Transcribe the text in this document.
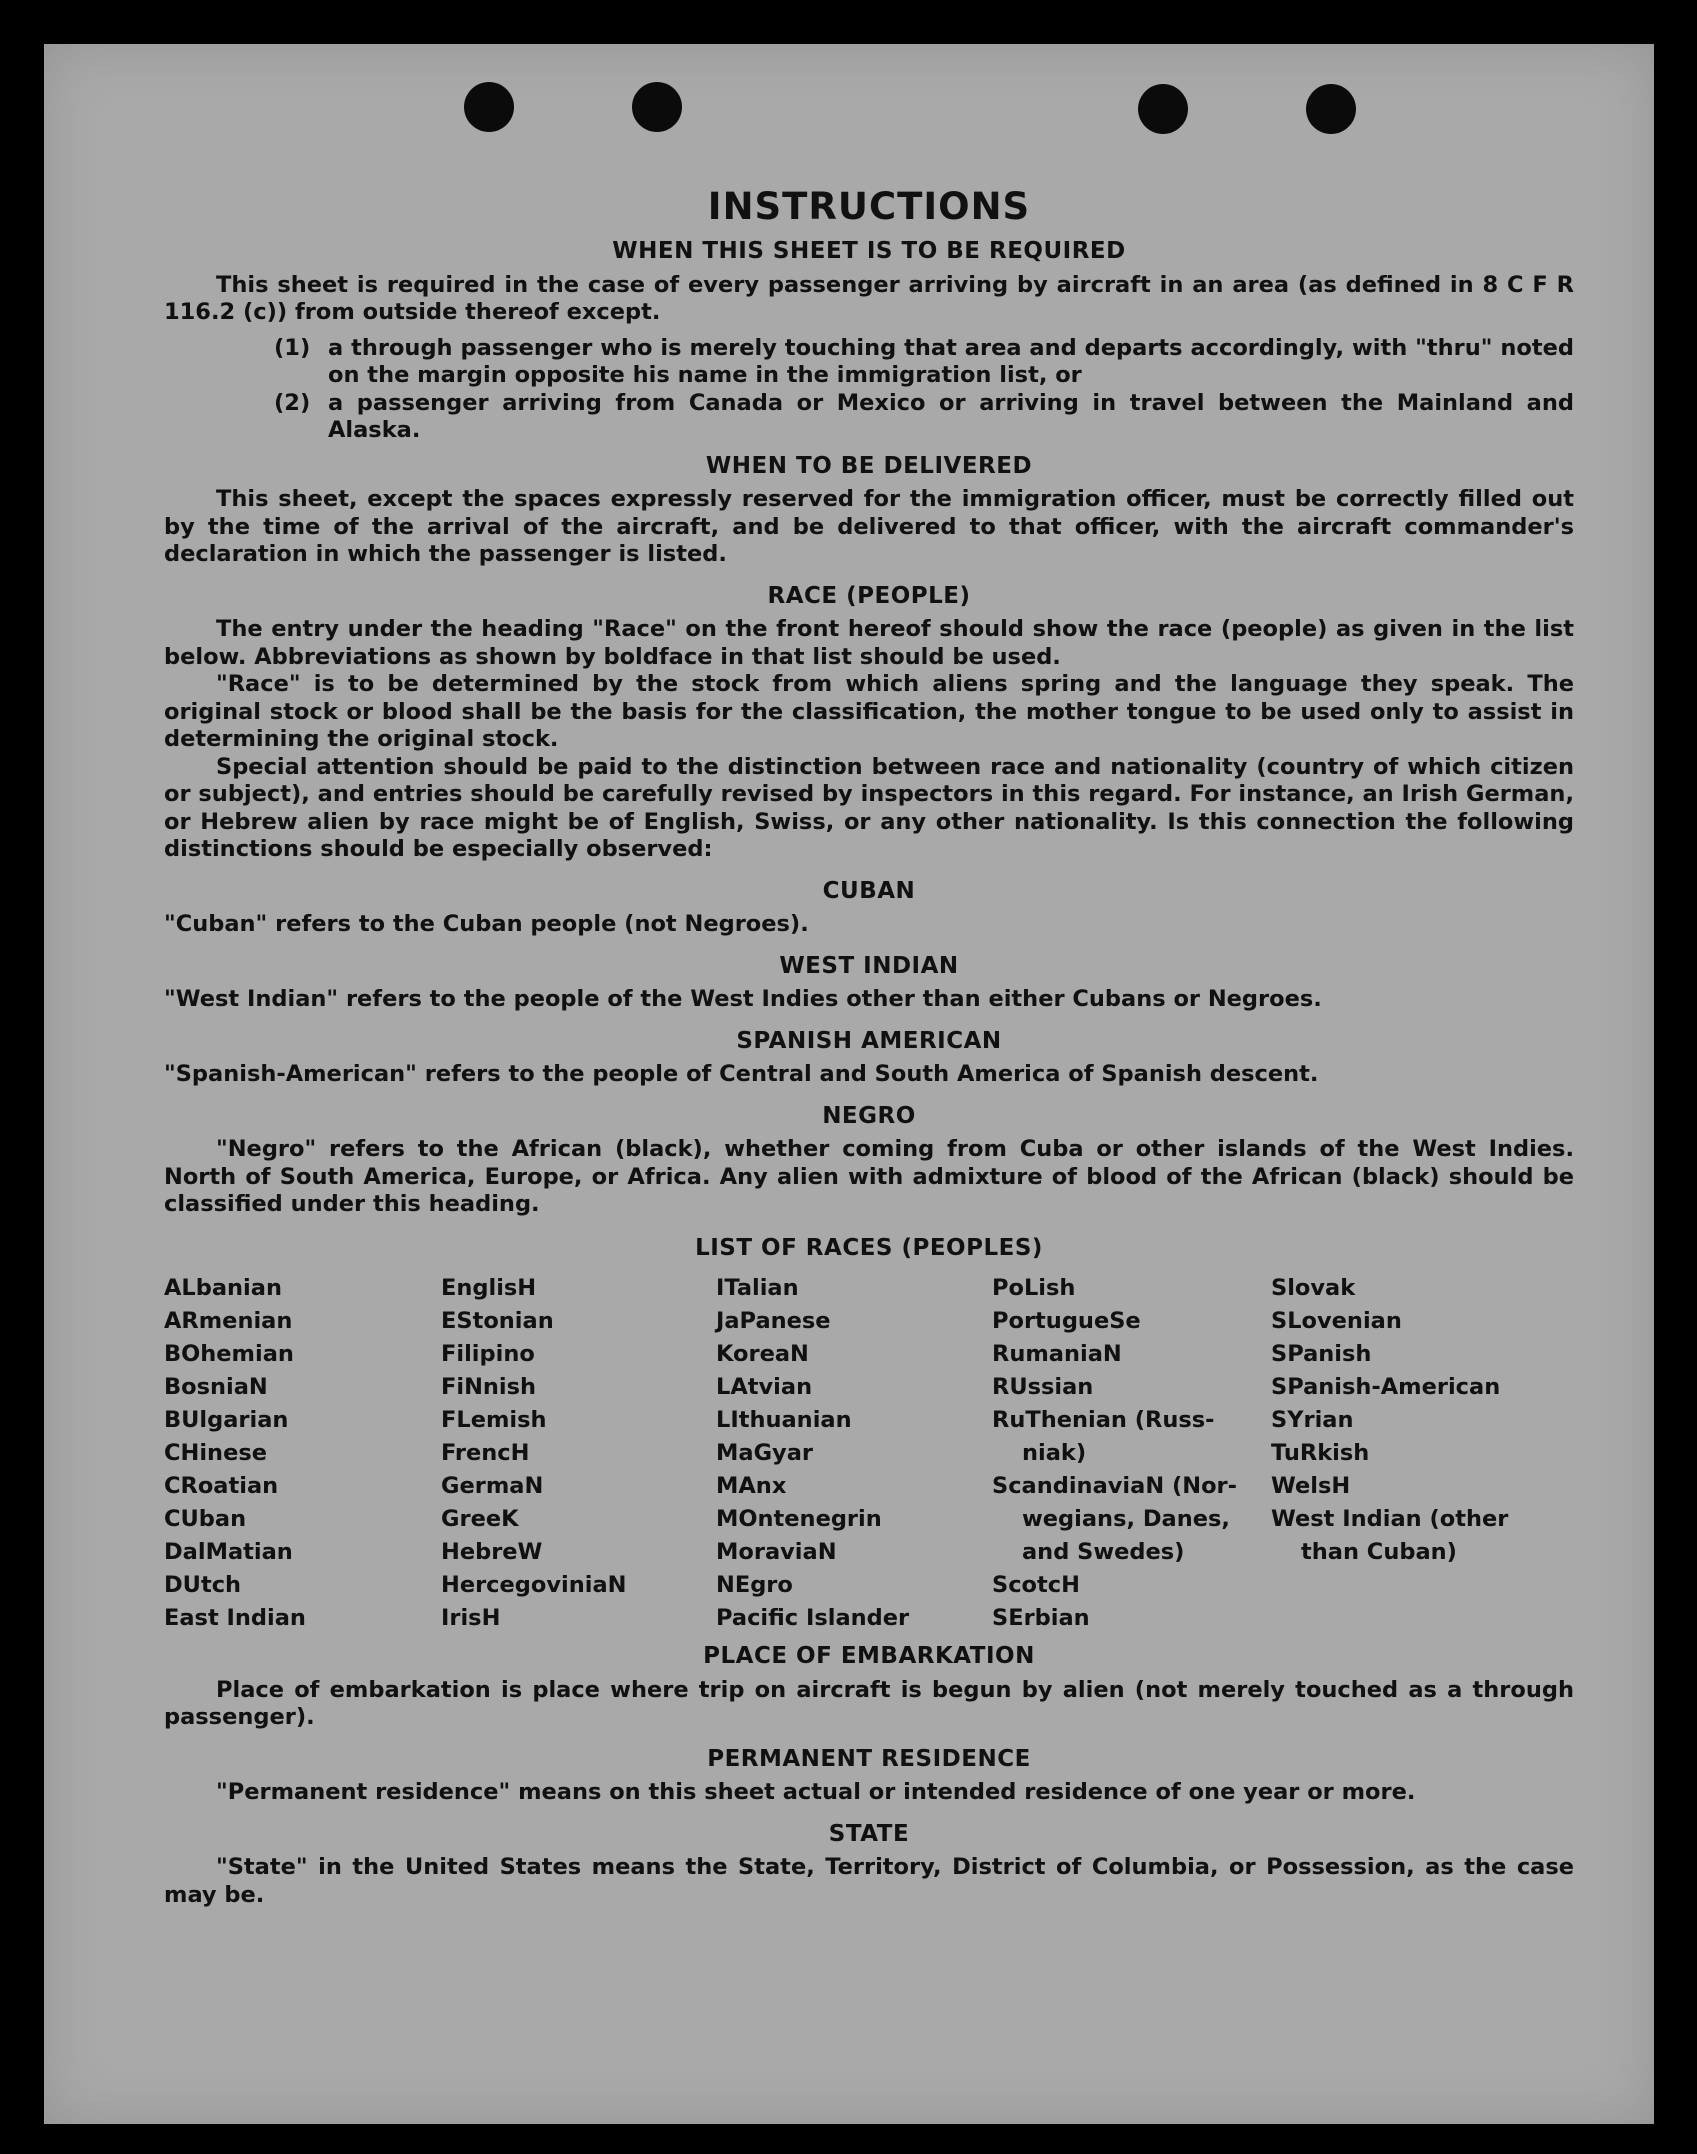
INSTRUCTIONS
WHEN THIS SHEET IS TO BE REQUIRED

This sheet is required in the case of every passenger arriving by aircraft in an area (as defined in 8 C F R 116.2 (c)) from outside thereof except.

(1) a through passenger who is merely touching that area and departs accordingly, with "thru" noted on the margin opposite his name in the immigration list, or

(2) a passenger arriving from Canada or Mexico or arriving in travel between the Mainland and Alaska.

WHEN TO BE DELIVERED

This sheet, except the spaces expressly reserved for the immigration officer, must be correctly filled out by the time of the arrival of the aircraft, and be delivered to that officer, with the aircraft commander's declaration in which the passenger is listed.

RACE (PEOPLE)

The entry under the heading "Race" on the front hereof should show the race (people) as given in the list below. Abbreviations as shown by boldface in that list should be used.

"Race" is to be determined by the stock from which aliens spring and the language they speak. The original stock or blood shall be the basis for the classification, the mother tongue to be used only to assist in determining the original stock.

Special attention should be paid to the distinction between race and nationality (country of which citizen or subject), and entries should be carefully revised by inspectors in this regard. For instance, an Irish German, or Hebrew alien by race might be of English, Swiss, or any other nationality. Is this connection the following distinctions should be especially observed:

CUBAN

"Cuban" refers to the Cuban people (not Negroes).

WEST INDIAN

"West Indian" refers to the people of the West Indies other than either Cubans or Negroes.

SPANISH AMERICAN

"Spanish-American" refers to the people of Central and South America of Spanish descent.

NEGRO

"Negro" refers to the African (black), whether coming from Cuba or other islands of the West Indies. North of South America, Europe, or Africa. Any alien with admixture of blood of the African (black) should be classified under this heading.

LIST OF RACES (PEOPLES)
ALbanian
ARmenian
BOhemian
BosniaN
BUlgarian
CHinese
CRoatian
CUban
DalMatian
DUtch
East Indian
EnglisH
EStonian
Filipino
FiNnish
FLemish
FrencH
GermaN
GreeK
HebreW
HercegoviniaN
IrisH
ITalian
JaPanese
KoreaN
LAtvian
LIthuanian
MaGyar
MAnx
MOntenegrin
MoraviaN
NEgro
Pacific Islander
PoLish
PortugueSe
RumaniaN
RUssian
RuThenian (Russ-
niak)
ScandinaviaN (Nor-
wegians, Danes,
and Swedes)
ScotcH
SErbian
Slovak
SLovenian
SPanish
SPanish-American
SYrian
TuRkish
WelsH
West Indian (other
than Cuban)
PLACE OF EMBARKATION

Place of embarkation is place where trip on aircraft is begun by alien (not merely touched as a through passenger).

PERMANENT RESIDENCE

"Permanent residence" means on this sheet actual or intended residence of one year or more.

STATE

"State" in the United States means the State, Territory, District of Columbia, or Possession, as the case may be.
